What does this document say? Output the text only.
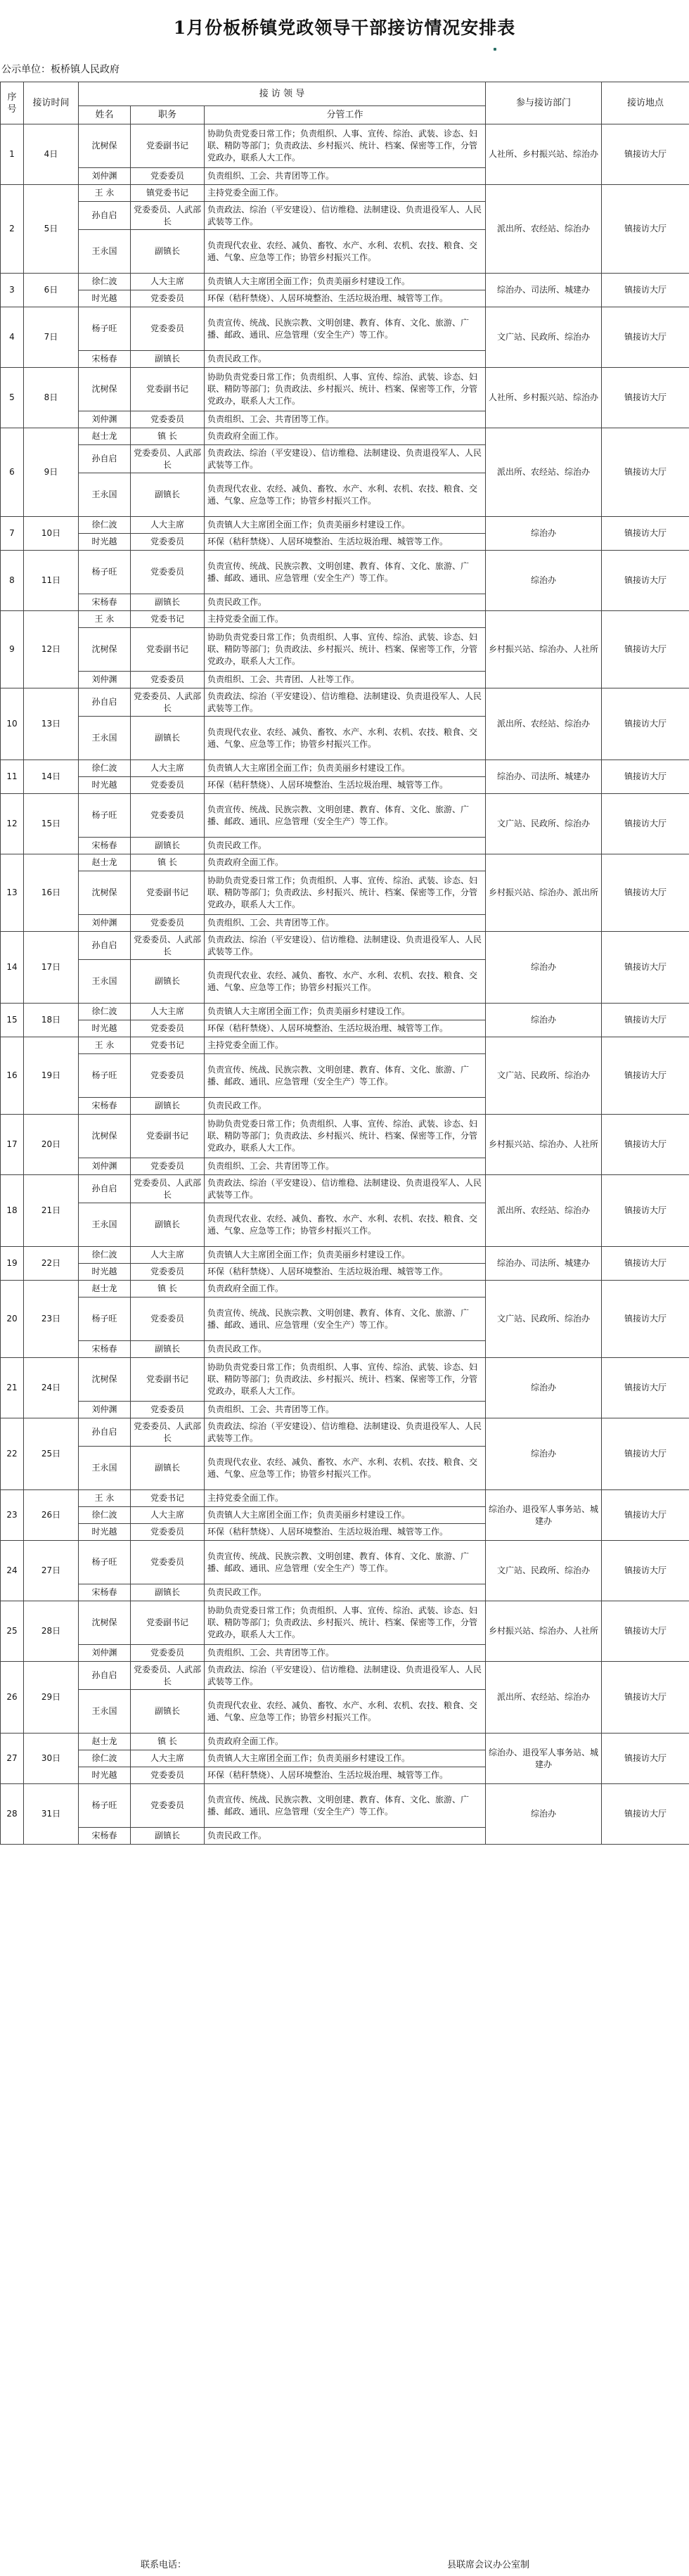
1月份板桥镇党政领导干部接访情况安排表
公示单位：板桥镇人民政府
序号	接访时间	接 访 领 导			参与接访部门	接访地点
		姓名	职务	分管工作		
1	4日	沈树保	党委副书记	协助负责党委日常工作；负责组织、人事、宣传、综治、武装、诊态、妇联、精防等部门；负责政法、乡村振兴、统计、档案、保密等工作，分管党政办，联系人大工作。	人社所、乡村振兴站、综治办	镇接访大厅
		刘仲渊	党委委员	负责组织、工会、共青团等工作。		
2	5日	王 永	镇党委书记	主持党委全面工作。	派出所、农经站、综治办	镇接访大厅
		孙自启	党委委员、人武部长	负责政法、综治（平安建设）、信访维稳、法制建设、负责退役军人、人民武装等工作。		
		王永国	副镇长	负责现代农业、农经、减负、畜牧、水产、水利、农机、农技、粮食、交通、气象、应急等工作；协管乡村振兴工作。		
3	6日	徐仁波	人大主席	负责镇人大主席团全面工作；负责美丽乡村建设工作。	综治办、司法所、城建办	镇接访大厅
		时光越	党委委员	环保（秸秆禁烧）、人居环境整治、生活垃圾治理、城管等工作。		
4	7日	杨子旺	党委委员	负责宣传、统战、民族宗教、文明创建、教育、体育、文化、旅游、广播、邮政、通讯、应急管理（安全生产）等工作。	文广站、民政所、综治办	镇接访大厅
		宋杨春	副镇长	负责民政工作。		
5	8日	沈树保	党委副书记	协助负责党委日常工作；负责组织、人事、宣传、综治、武装、诊态、妇联、精防等部门；负责政法、乡村振兴、统计、档案、保密等工作，分管党政办，联系人大工作。	人社所、乡村振兴站、综治办	镇接访大厅
		刘仲渊	党委委员	负责组织、工会、共青团等工作。		
6	9日	赵士龙	镇 长	负责政府全面工作。	派出所、农经站、综治办	镇接访大厅
		孙自启	党委委员、人武部长	负责政法、综治（平安建设）、信访维稳、法制建设、负责退役军人、人民武装等工作。		
		王永国	副镇长	负责现代农业、农经、减负、畜牧、水产、水利、农机、农技、粮食、交通、气象、应急等工作；协管乡村振兴工作。		
7	10日	徐仁波	人大主席	负责镇人大主席团全面工作；负责美丽乡村建设工作。	综治办	镇接访大厅
		时光越	党委委员	环保（秸秆禁烧）、人居环境整治、生活垃圾治理、城管等工作。		
8	11日	杨子旺	党委委员	负责宣传、统战、民族宗教、文明创建、教育、体育、文化、旅游、广播、邮政、通讯、应急管理（安全生产）等工作。	综治办	镇接访大厅
		宋杨春	副镇长	负责民政工作。		
9	12日	王 永	党委书记	主持党委全面工作。	乡村振兴站、综治办、人社所	镇接访大厅
		沈树保	党委副书记	协助负责党委日常工作；负责组织、人事、宣传、综治、武装、诊态、妇联、精防等部门；负责政法、乡村振兴、统计、档案、保密等工作，分管党政办，联系人大工作。		
		刘仲渊	党委委员	负责组织、工会、共青团、人社等工作。		
10	13日	孙自启	党委委员、人武部长	负责政法、综治（平安建设）、信访维稳、法制建设、负责退役军人、人民武装等工作。	派出所、农经站、综治办	镇接访大厅
		王永国	副镇长	负责现代农业、农经、减负、畜牧、水产、水利、农机、农技、粮食、交通、气象、应急等工作；协管乡村振兴工作。		
11	14日	徐仁波	人大主席	负责镇人大主席团全面工作；负责美丽乡村建设工作。	综治办、司法所、城建办	镇接访大厅
		时光越	党委委员	环保（秸秆禁烧）、人居环境整治、生活垃圾治理、城管等工作。		
12	15日	杨子旺	党委委员	负责宣传、统战、民族宗教、文明创建、教育、体育、文化、旅游、广播、邮政、通讯、应急管理（安全生产）等工作。	文广站、民政所、综治办	镇接访大厅
		宋杨春	副镇长	负责民政工作。		
13	16日	赵士龙	镇 长	负责政府全面工作。	乡村振兴站、综治办、派出所	镇接访大厅
		沈树保	党委副书记	协助负责党委日常工作；负责组织、人事、宣传、综治、武装、诊态、妇联、精防等部门；负责政法、乡村振兴、统计、档案、保密等工作，分管党政办，联系人大工作。		
		刘仲渊	党委委员	负责组织、工会、共青团等工作。		
14	17日	孙自启	党委委员、人武部长	负责政法、综治（平安建设）、信访维稳、法制建设、负责退役军人、人民武装等工作。	综治办	镇接访大厅
		王永国	副镇长	负责现代农业、农经、减负、畜牧、水产、水利、农机、农技、粮食、交通、气象、应急等工作；协管乡村振兴工作。		
15	18日	徐仁波	人大主席	负责镇人大主席团全面工作；负责美丽乡村建设工作。	综治办	镇接访大厅
		时光越	党委委员	环保（秸秆禁烧）、人居环境整治、生活垃圾治理、城管等工作。		
16	19日	王 永	党委书记	主持党委全面工作。	文广站、民政所、综治办	镇接访大厅
		杨子旺	党委委员	负责宣传、统战、民族宗教、文明创建、教育、体育、文化、旅游、广播、邮政、通讯、应急管理（安全生产）等工作。		
		宋杨春	副镇长	负责民政工作。		
17	20日	沈树保	党委副书记	协助负责党委日常工作；负责组织、人事、宣传、综治、武装、诊态、妇联、精防等部门；负责政法、乡村振兴、统计、档案、保密等工作，分管党政办，联系人大工作。	乡村振兴站、综治办、人社所	镇接访大厅
		刘仲渊	党委委员	负责组织、工会、共青团等工作。		
18	21日	孙自启	党委委员、人武部长	负责政法、综治（平安建设）、信访维稳、法制建设、负责退役军人、人民武装等工作。	派出所、农经站、综治办	镇接访大厅
		王永国	副镇长	负责现代农业、农经、减负、畜牧、水产、水利、农机、农技、粮食、交通、气象、应急等工作；协管乡村振兴工作。		
19	22日	徐仁波	人大主席	负责镇人大主席团全面工作；负责美丽乡村建设工作。	综治办、司法所、城建办	镇接访大厅
		时光越	党委委员	环保（秸秆禁烧）、人居环境整治、生活垃圾治理、城管等工作。		
20	23日	赵士龙	镇 长	负责政府全面工作。	文广站、民政所、综治办	镇接访大厅
		杨子旺	党委委员	负责宣传、统战、民族宗教、文明创建、教育、体育、文化、旅游、广播、邮政、通讯、应急管理（安全生产）等工作。		
		宋杨春	副镇长	负责民政工作。		
21	24日	沈树保	党委副书记	协助负责党委日常工作；负责组织、人事、宣传、综治、武装、诊态、妇联、精防等部门；负责政法、乡村振兴、统计、档案、保密等工作，分管党政办，联系人大工作。	综治办	镇接访大厅
		刘仲渊	党委委员	负责组织、工会、共青团等工作。		
22	25日	孙自启	党委委员、人武部长	负责政法、综治（平安建设）、信访维稳、法制建设、负责退役军人、人民武装等工作。	综治办	镇接访大厅
		王永国	副镇长	负责现代农业、农经、减负、畜牧、水产、水利、农机、农技、粮食、交通、气象、应急等工作；协管乡村振兴工作。		
23	26日	王 永	党委书记	主持党委全面工作。	综治办、退役军人事务站、城建办	镇接访大厅
		徐仁波	人大主席	负责镇人大主席团全面工作；负责美丽乡村建设工作。		
		时光越	党委委员	环保（秸秆禁烧）、人居环境整治、生活垃圾治理、城管等工作。		
24	27日	杨子旺	党委委员	负责宣传、统战、民族宗教、文明创建、教育、体育、文化、旅游、广播、邮政、通讯、应急管理（安全生产）等工作。	文广站、民政所、综治办	镇接访大厅
		宋杨春	副镇长	负责民政工作。		
25	28日	沈树保	党委副书记	协助负责党委日常工作；负责组织、人事、宣传、综治、武装、诊态、妇联、精防等部门；负责政法、乡村振兴、统计、档案、保密等工作，分管党政办，联系人大工作。	乡村振兴站、综治办、人社所	镇接访大厅
		刘仲渊	党委委员	负责组织、工会、共青团等工作。		
26	29日	孙自启	党委委员、人武部长	负责政法、综治（平安建设）、信访维稳、法制建设、负责退役军人、人民武装等工作。	派出所、农经站、综治办	镇接访大厅
		王永国	副镇长	负责现代农业、农经、减负、畜牧、水产、水利、农机、农技、粮食、交通、气象、应急等工作；协管乡村振兴工作。		
27	30日	赵士龙	镇 长	负责政府全面工作。	综治办、退役军人事务站、城建办	镇接访大厅
		徐仁波	人大主席	负责镇人大主席团全面工作；负责美丽乡村建设工作。		
		时光越	党委委员	环保（秸秆禁烧）、人居环境整治、生活垃圾治理、城管等工作。		
28	31日	杨子旺	党委委员	负责宣传、统战、民族宗教、文明创建、教育、体育、文化、旅游、广播、邮政、通讯、应急管理（安全生产）等工作。	综治办	镇接访大厅
		宋杨春	副镇长	负责民政工作。		
联系电话：	县联席会议办公室制
